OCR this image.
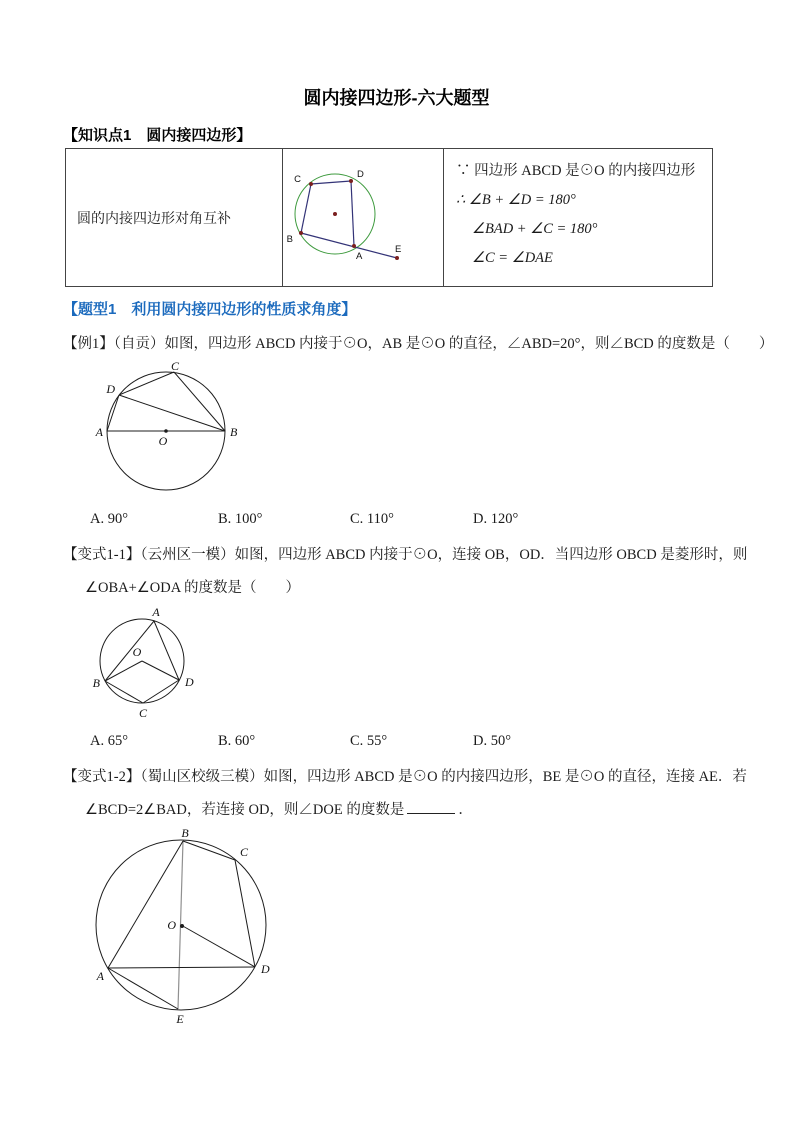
圆内接四边形-六大题型
【知识点1　圆内接四边形】
圆的内接四边形对角互补
C	D
B
A
E
∵ 四边形 ABCD 是⊙O 的内接四边形
∴ ∠B + ∠D = 180°
∠BAD + ∠C = 180°
∠C = ∠DAE
【题型1　利用圆内接四边形的性质求角度】
【例1】（自贡）如图，四边形 ABCD 内接于⊙O，AB 是⊙O 的直径，∠ABD=20°，则∠BCD 的度数是（　　）
A	B
C
D
O
A. 90°	B. 100°	C. 110°	D. 120°
【变式1-1】（云州区一模）如图，四边形 ABCD 内接于⊙O，连接 OB，OD．当四边形 OBCD 是菱形时，则
∠OBA+∠ODA 的度数是（　　）
A
B
C
D
O
A. 65°	B. 60°	C. 55°	D. 50°
【变式1-2】（蜀山区校级三模）如图，四边形 ABCD 是⊙O 的内接四边形，BE 是⊙O 的直径，连接 AE．若
∠BCD=2∠BAD，若连接 OD，则∠DOE 的度数是	．
B
C
D
A
E
O
